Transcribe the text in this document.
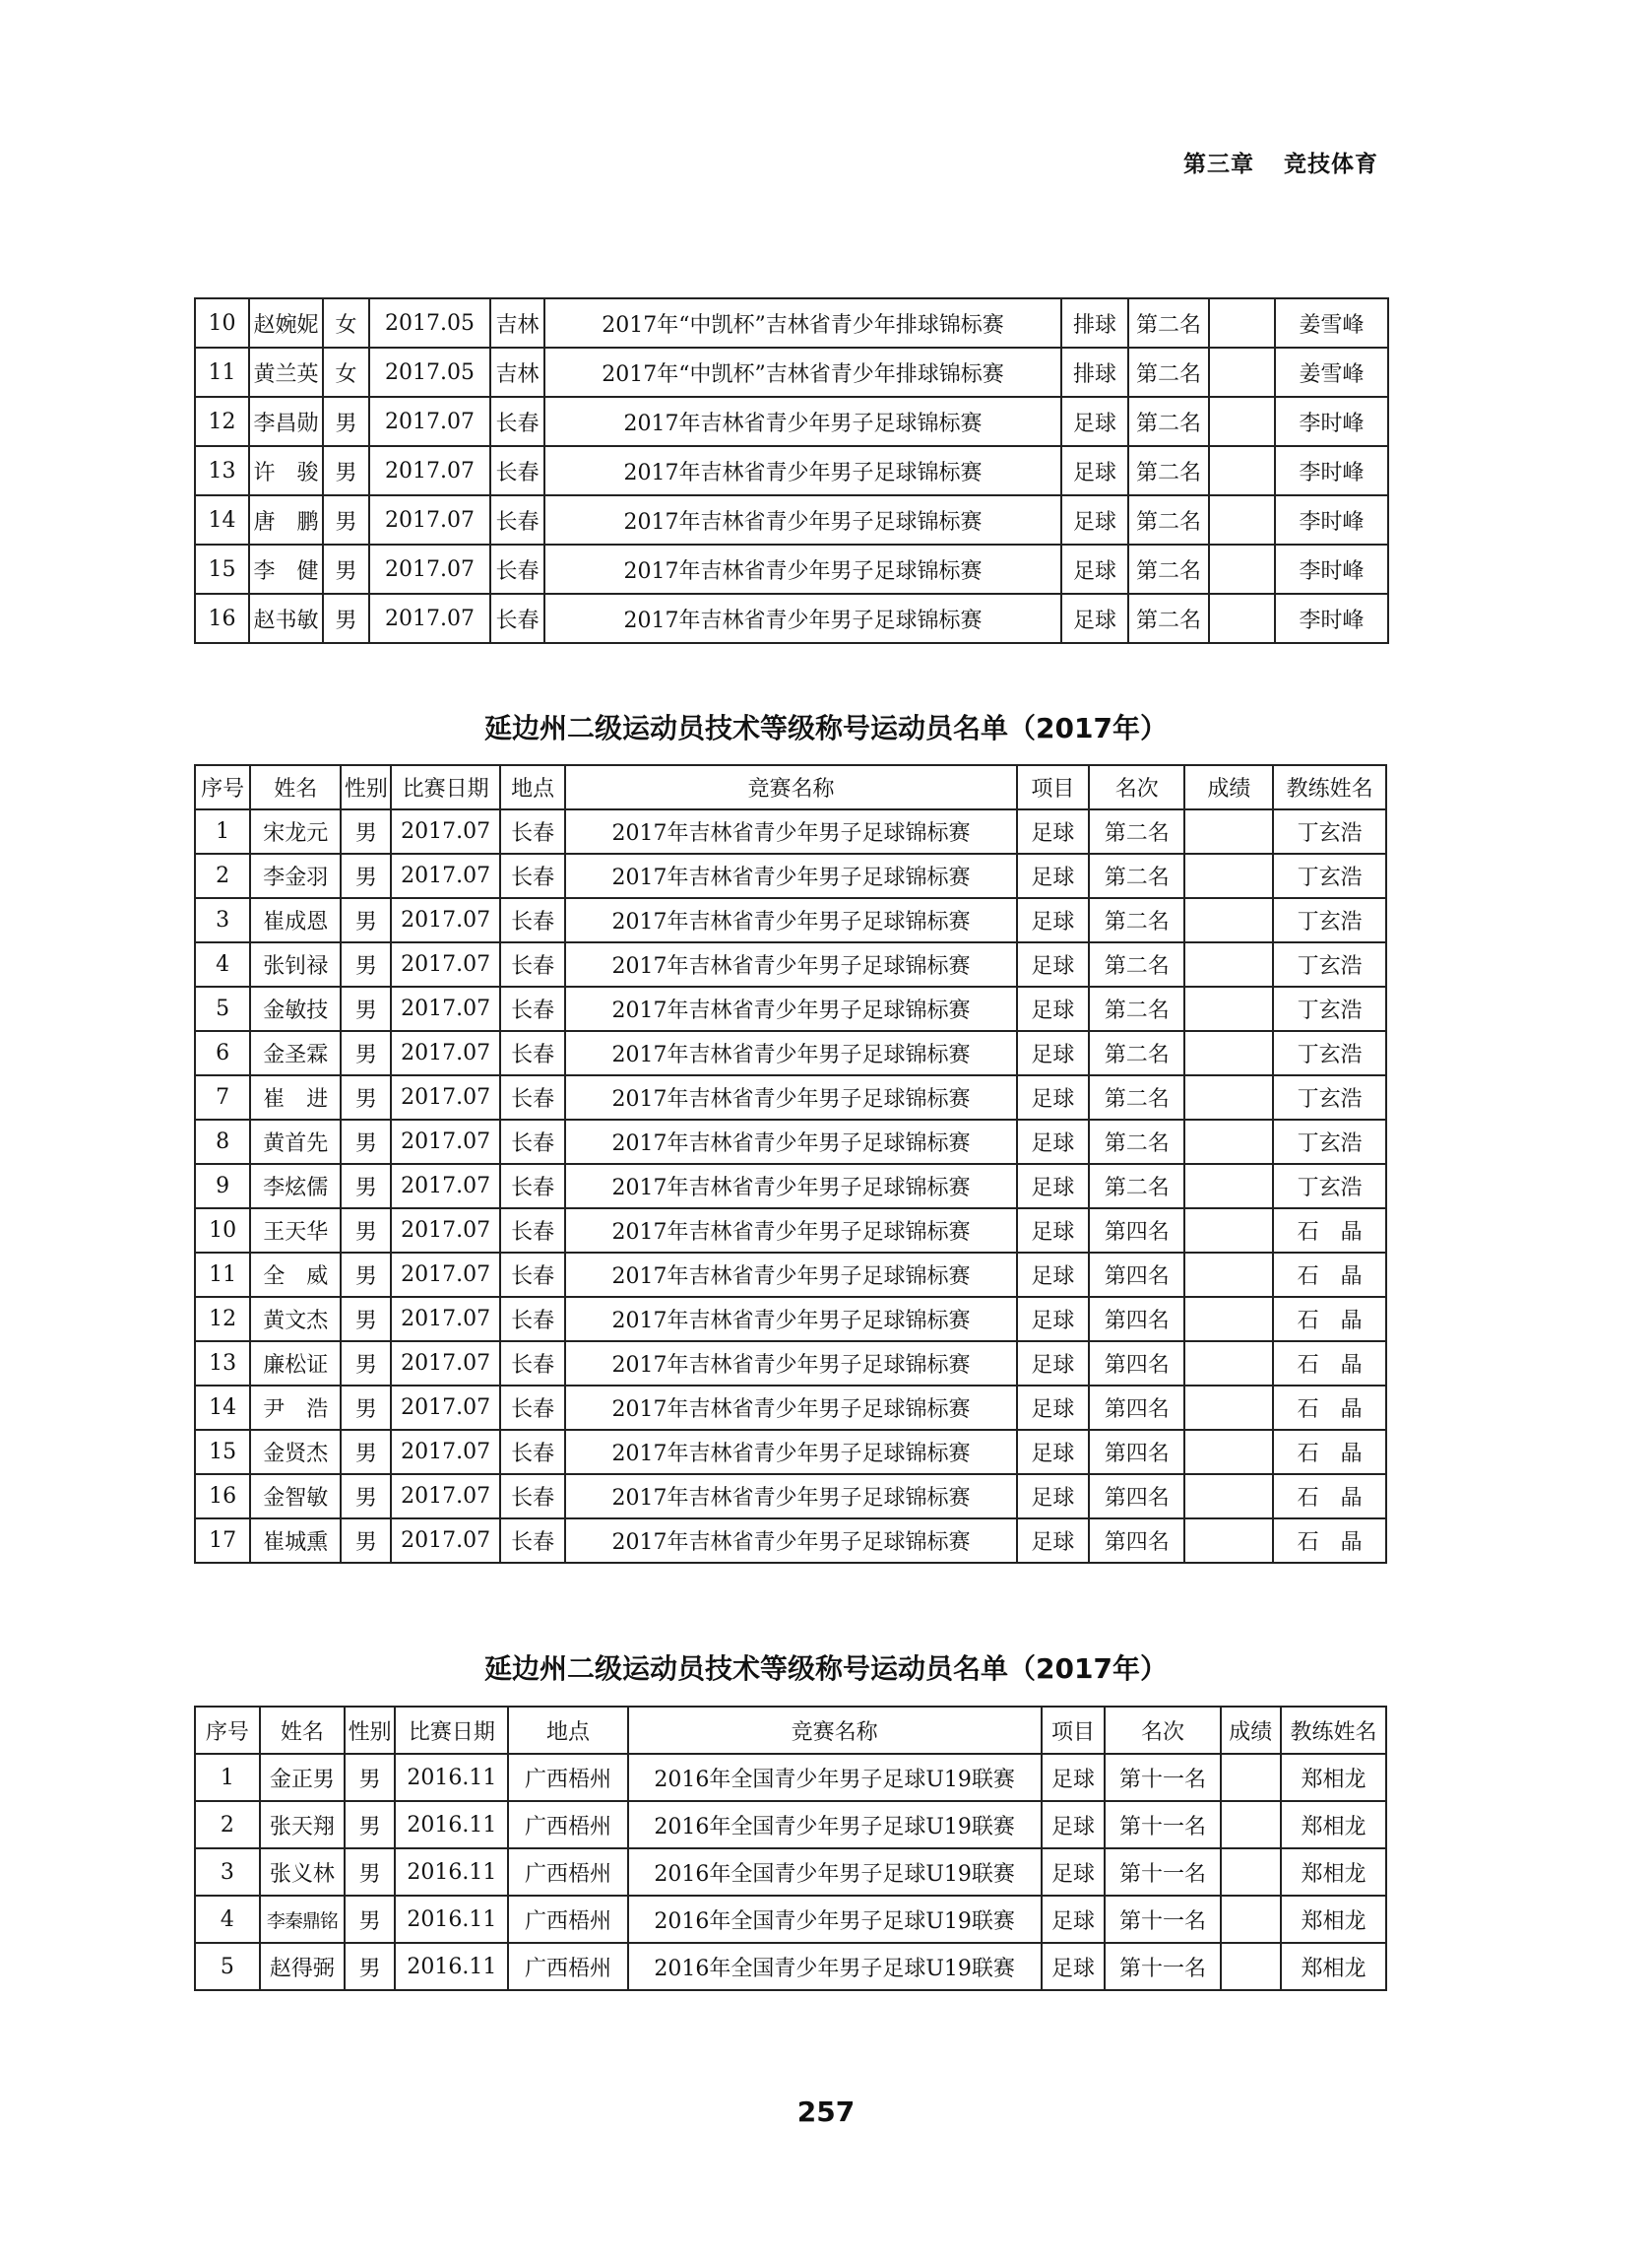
第三章 竞技体育
10	赵婉妮	女	2017.05	吉林	2017年“中凯杯”吉林省青少年排球锦标赛	排球	第二名		姜雪峰
11	黄兰英	女	2017.05	吉林	2017年“中凯杯”吉林省青少年排球锦标赛	排球	第二名		姜雪峰
12	李昌勋	男	2017.07	长春	2017年吉林省青少年男子足球锦标赛	足球	第二名		李时峰
13	许　骏	男	2017.07	长春	2017年吉林省青少年男子足球锦标赛	足球	第二名		李时峰
14	唐　鹏	男	2017.07	长春	2017年吉林省青少年男子足球锦标赛	足球	第二名		李时峰
15	李　健	男	2017.07	长春	2017年吉林省青少年男子足球锦标赛	足球	第二名		李时峰
16	赵书敏	男	2017.07	长春	2017年吉林省青少年男子足球锦标赛	足球	第二名		李时峰
延边州二级运动员技术等级称号运动员名单（2017年）
序号	姓名	性别	比赛日期	地点	竞赛名称	项目	名次	成绩	教练姓名
1	宋龙元	男	2017.07	长春	2017年吉林省青少年男子足球锦标赛	足球	第二名		丁玄浩
2	李金羽	男	2017.07	长春	2017年吉林省青少年男子足球锦标赛	足球	第二名		丁玄浩
3	崔成恩	男	2017.07	长春	2017年吉林省青少年男子足球锦标赛	足球	第二名		丁玄浩
4	张钊禄	男	2017.07	长春	2017年吉林省青少年男子足球锦标赛	足球	第二名		丁玄浩
5	金敏技	男	2017.07	长春	2017年吉林省青少年男子足球锦标赛	足球	第二名		丁玄浩
6	金圣霖	男	2017.07	长春	2017年吉林省青少年男子足球锦标赛	足球	第二名		丁玄浩
7	崔　进	男	2017.07	长春	2017年吉林省青少年男子足球锦标赛	足球	第二名		丁玄浩
8	黄首先	男	2017.07	长春	2017年吉林省青少年男子足球锦标赛	足球	第二名		丁玄浩
9	李炫儒	男	2017.07	长春	2017年吉林省青少年男子足球锦标赛	足球	第二名		丁玄浩
10	王天华	男	2017.07	长春	2017年吉林省青少年男子足球锦标赛	足球	第四名		石　晶
11	全　威	男	2017.07	长春	2017年吉林省青少年男子足球锦标赛	足球	第四名		石　晶
12	黄文杰	男	2017.07	长春	2017年吉林省青少年男子足球锦标赛	足球	第四名		石　晶
13	廉松证	男	2017.07	长春	2017年吉林省青少年男子足球锦标赛	足球	第四名		石　晶
14	尹　浩	男	2017.07	长春	2017年吉林省青少年男子足球锦标赛	足球	第四名		石　晶
15	金贤杰	男	2017.07	长春	2017年吉林省青少年男子足球锦标赛	足球	第四名		石　晶
16	金智敏	男	2017.07	长春	2017年吉林省青少年男子足球锦标赛	足球	第四名		石　晶
17	崔城熏	男	2017.07	长春	2017年吉林省青少年男子足球锦标赛	足球	第四名		石　晶
延边州二级运动员技术等级称号运动员名单（2017年）
序号	姓名	性别	比赛日期	地点	竞赛名称	项目	名次	成绩	教练姓名
1	金正男	男	2016.11	广西梧州	2016年全国青少年男子足球U19联赛	足球	第十一名		郑相龙
2	张天翔	男	2016.11	广西梧州	2016年全国青少年男子足球U19联赛	足球	第十一名		郑相龙
3	张义林	男	2016.11	广西梧州	2016年全国青少年男子足球U19联赛	足球	第十一名		郑相龙
4	李秦鼎铭	男	2016.11	广西梧州	2016年全国青少年男子足球U19联赛	足球	第十一名		郑相龙
5	赵得弼	男	2016.11	广西梧州	2016年全国青少年男子足球U19联赛	足球	第十一名		郑相龙
257
